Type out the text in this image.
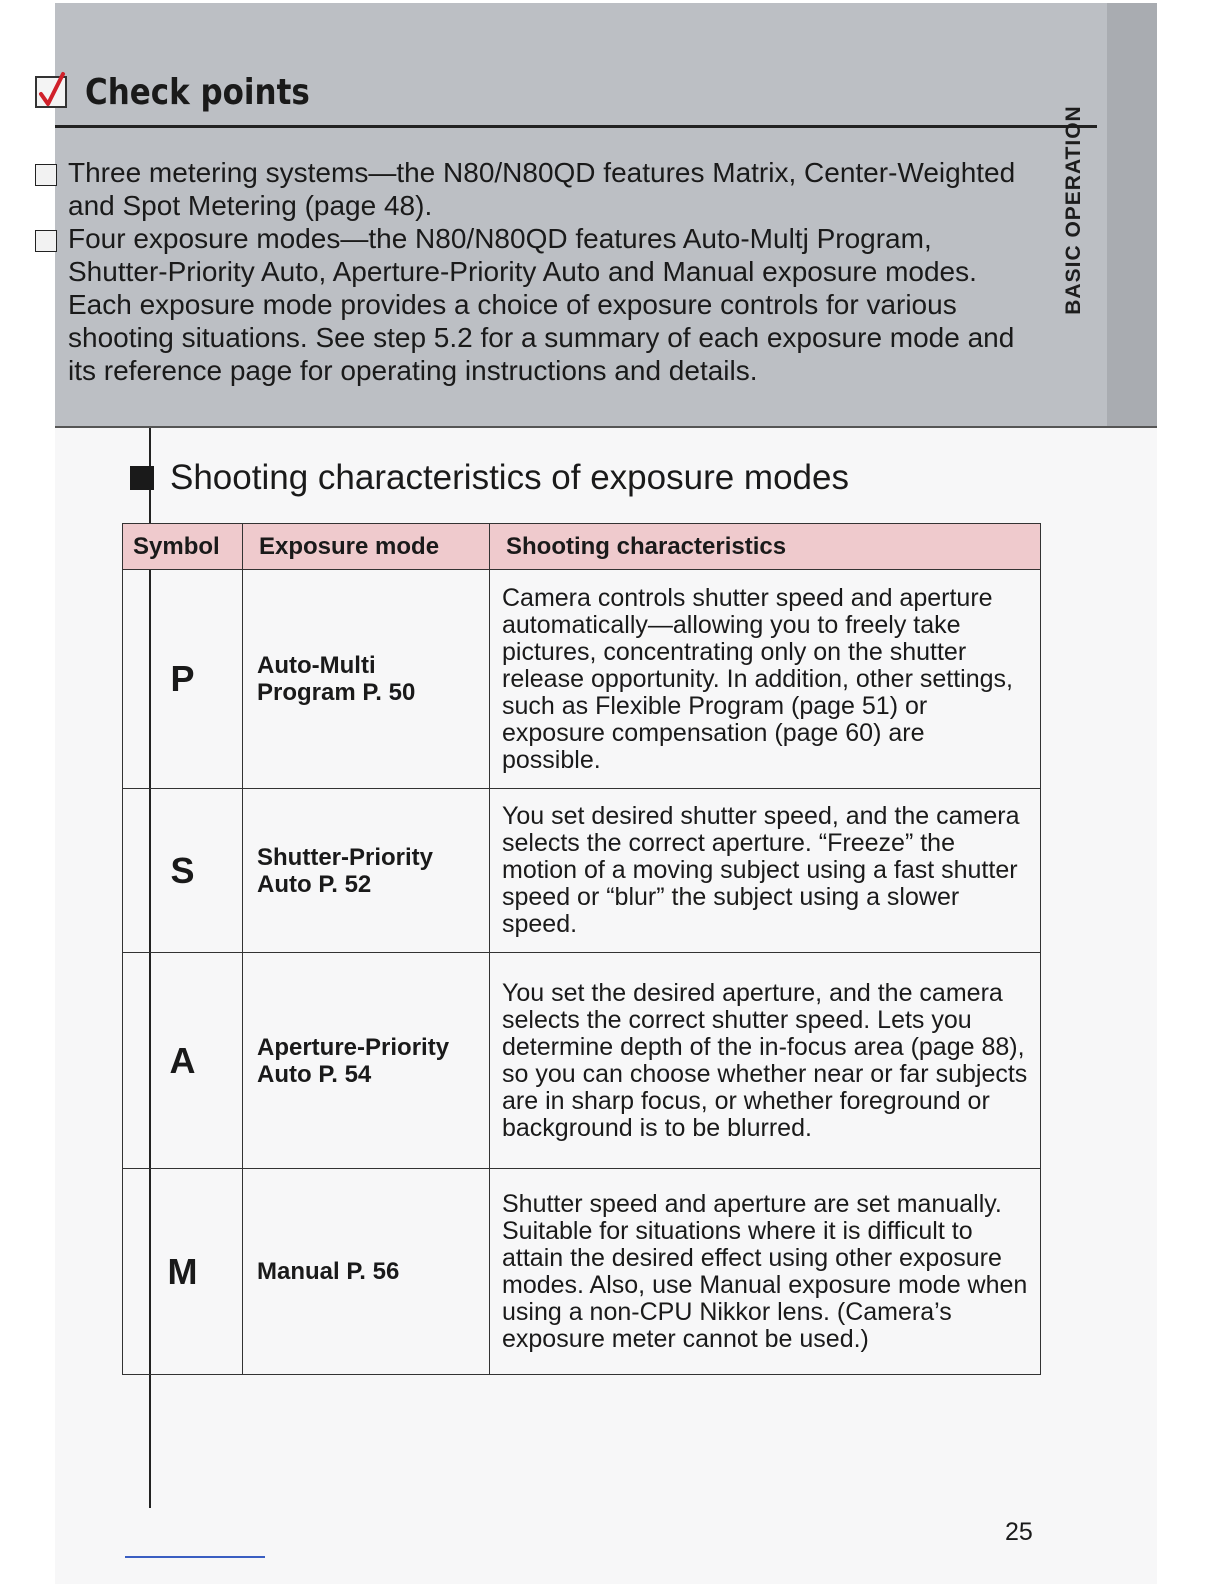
BASIC OPERATION
Check points
Three metering systems—the N80/N80QD features Matrix, Center-Weighted and Spot Metering (page 48).
Four exposure modes—the N80/N80QD features Auto-Multj Program, Shutter-Priority Auto, Aperture-Priority Auto and Manual exposure modes. Each exposure mode provides a choice of exposure controls for various shooting situations. See step 5.2 for a summary of each exposure mode and its reference page for operating instructions and details.
Shooting characteristics of exposure modes
Symbol	Exposure mode	Shooting characteristics
P	Auto-Multi Program P. 50	Camera controls shutter speed and aperture automatically—allowing you to freely take pictures, concentrating only on the shutter release opportunity. In addition, other settings, such as Flexible Program (page 51) or exposure compensation (page 60) are possible.
S	Shutter-Priority Auto P. 52	You set desired shutter speed, and the camera selects the correct aperture. “Freeze” the motion of a moving subject using a fast shutter speed or “blur” the subject using a slower speed.
A	Aperture-Priority Auto P. 54	You set the desired aperture, and the camera selects the correct shutter speed. Lets you determine depth of the in-focus area (page 88), so you can choose whether near or far subjects are in sharp focus, or whether foreground or background is to be blurred.
M	Manual P. 56	Shutter speed and aperture are set manually. Suitable for situations where it is difficult to attain the desired effect using other exposure modes. Also, use Manual exposure mode when using a non-CPU Nikkor lens. (Camera’s exposure meter cannot be used.)
25
